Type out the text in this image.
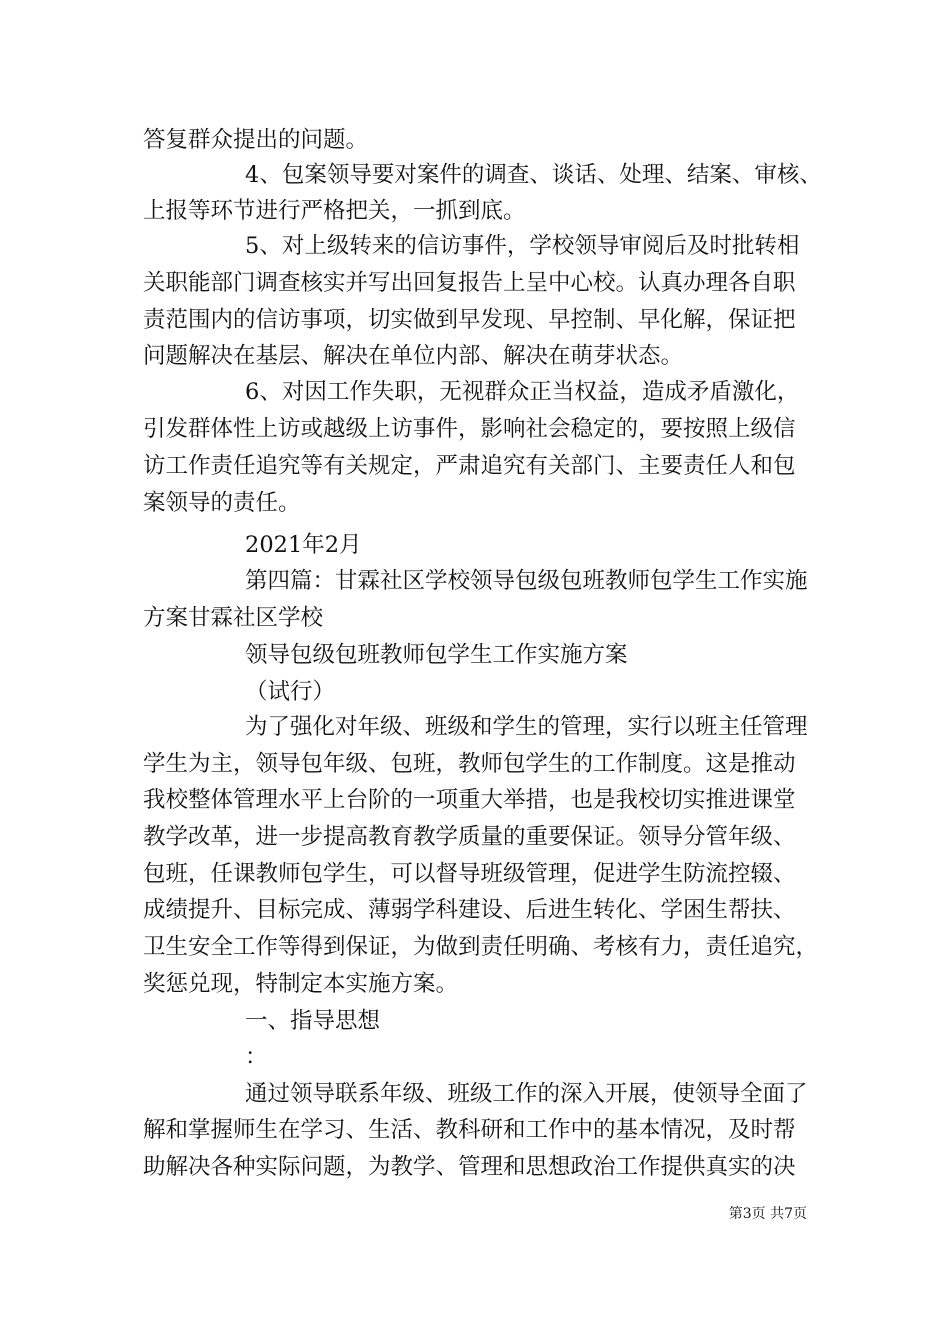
答复群众提出的问题。
4、包案领导要对案件的调查、谈话、处理、结案、审核、
上报等环节进行严格把关，一抓到底。
5、对上级转来的信访事件，学校领导审阅后及时批转相
关职能部门调查核实并写出回复报告上呈中心校。认真办理各自职
责范围内的信访事项，切实做到早发现、早控制、早化解，保证把
问题解决在基层、解决在单位内部、解决在萌芽状态。
6、对因工作失职，无视群众正当权益，造成矛盾激化，
引发群体性上访或越级上访事件，影响社会稳定的，要按照上级信
访工作责任追究等有关规定，严肃追究有关部门、主要责任人和包
案领导的责任。
2021年2月
第四篇：甘霖社区学校领导包级包班教师包学生工作实施
方案甘霖社区学校
领导包级包班教师包学生工作实施方案
（试行）
为了强化对年级、班级和学生的管理，实行以班主任管理
学生为主，领导包年级、包班，教师包学生的工作制度。这是推动
我校整体管理水平上台阶的一项重大举措，也是我校切实推进课堂
教学改革，进一步提高教育教学质量的重要保证。领导分管年级、
包班，任课教师包学生，可以督导班级管理，促进学生防流控辍、
成绩提升、目标完成、薄弱学科建设、后进生转化、学困生帮扶、
卫生安全工作等得到保证，为做到责任明确、考核有力，责任追究，
奖惩兑现，特制定本实施方案。
一、指导思想
：
通过领导联系年级、班级工作的深入开展，使领导全面了
解和掌握师生在学习、生活、教科研和工作中的基本情况，及时帮
助解决各种实际问题，为教学、管理和思想政治工作提供真实的决
第3页 共7页
